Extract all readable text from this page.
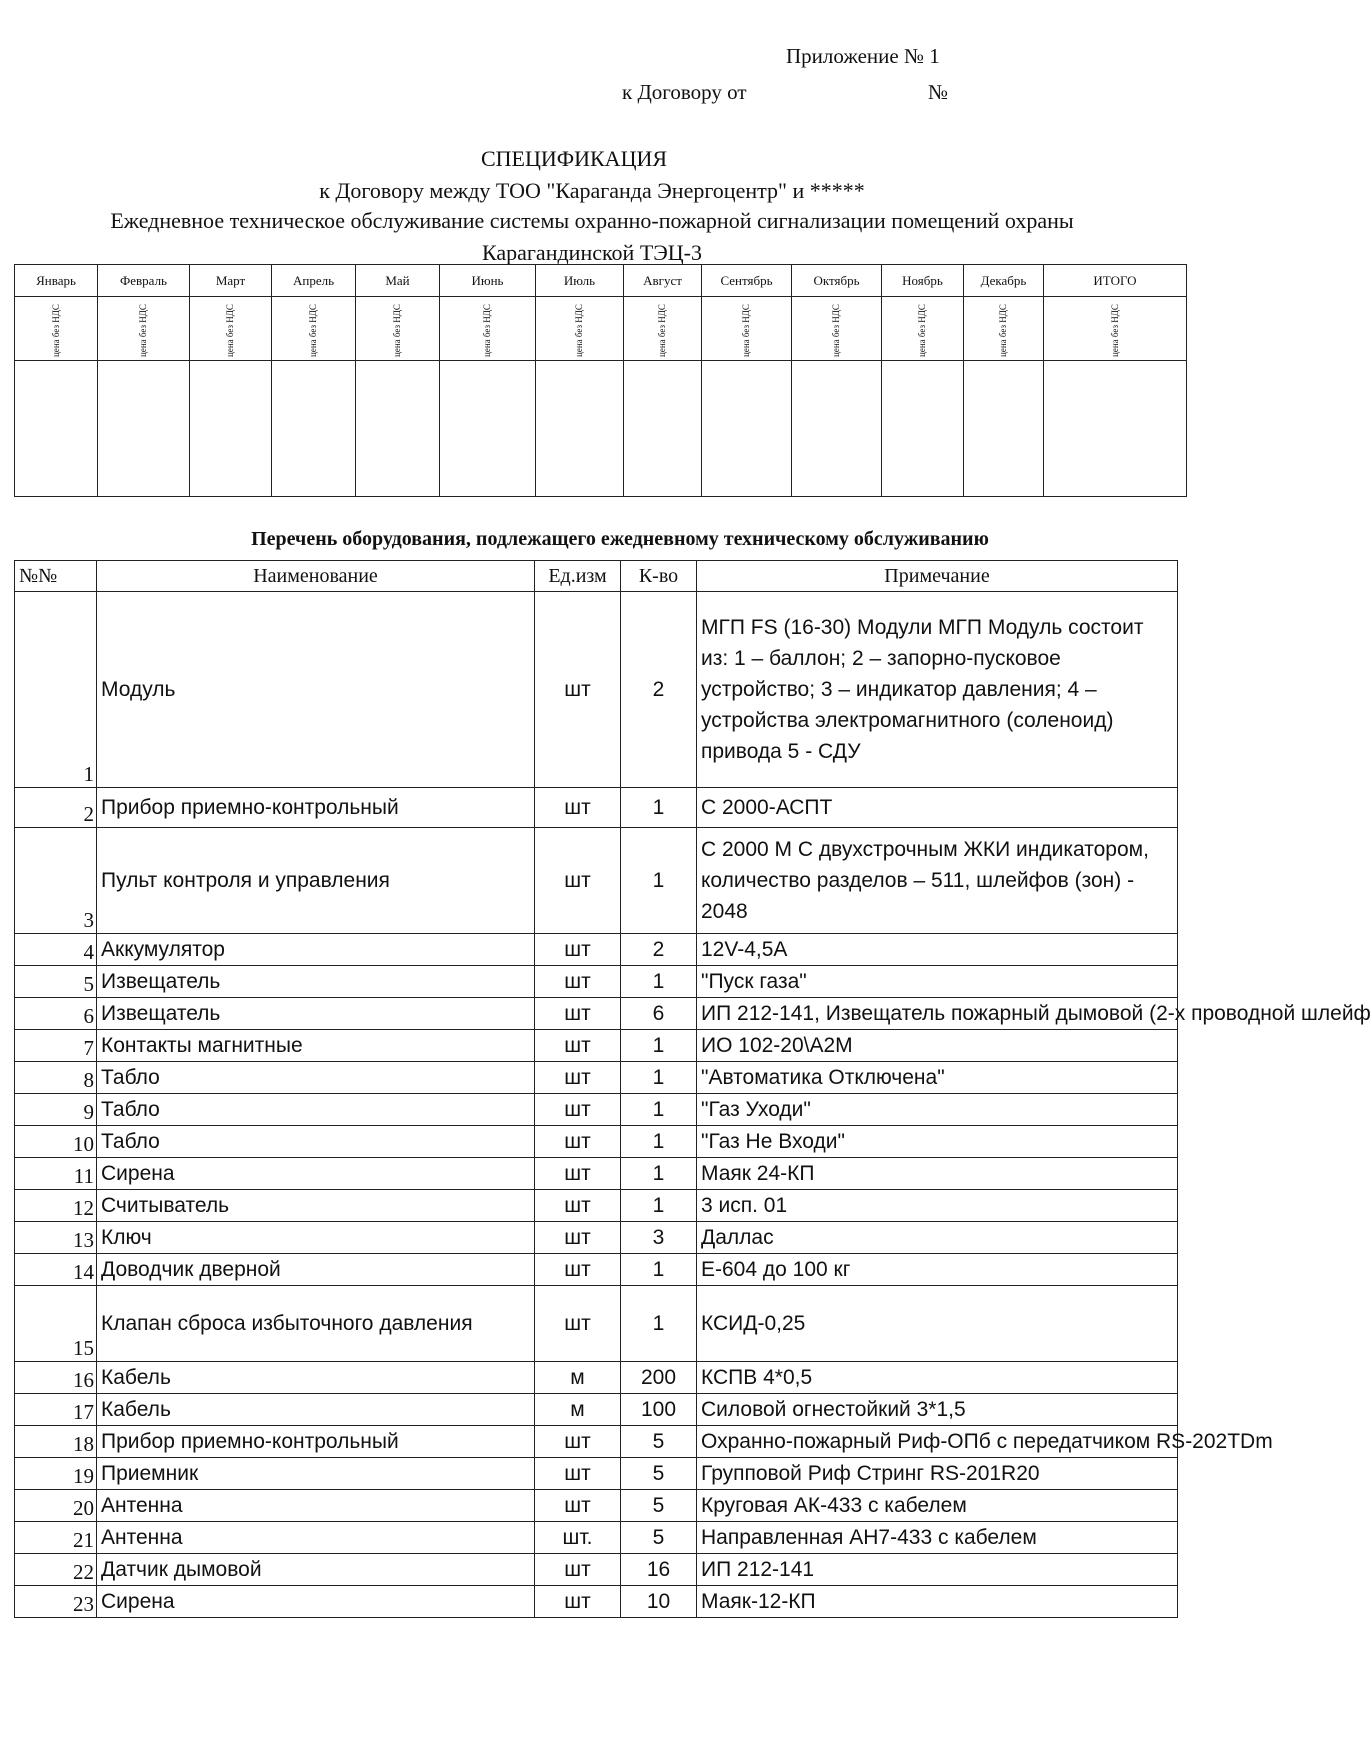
Приложение № 1
к Договору от	№
СПЕЦИФИКАЦИЯ
к Договору между ТОО "Караганда Энергоцентр" и *****
Ежедневное техническое обслуживание системы охранно-пожарной сигнализации помещений охраны
Карагандинской ТЭЦ-3
Январь	Февраль	Март	Апрель	Май	Июнь	Июль	Август	Сентябрь	Октябрь	Ноябрь	Декабрь	ИТОГО
цена без НДС	цена без НДС	цена без НДС	цена без НДС	цена без НДС	цена без НДС	цена без НДС	цена без НДС	цена без НДС	цена без НДС	цена без НДС	цена без НДС	цена без НДС

Перечень оборудования, подлежащего ежедневному техническому обслуживанию
№№	Наименование	Ед.изм	К-во	Примечание
1	Модуль	шт	2	МГП FS (16-30) Модули МГП Модуль состоит из: 1 – баллон; 2 – запорно-пусковое устройство; 3 – индикатор давления; 4 – устройства электромагнитного (соленоид) привода 5 - СДУ
2	Прибор приемно-контрольный	шт	1	С 2000-АСПТ
3	Пульт контроля и управления	шт	1	С 2000 М С двухстрочным ЖКИ индикатором, количество разделов – 511, шлейфов (зон) - 2048
4	Аккумулятор	шт	2	12V-4,5А

5	Извещатель	шт	1	"Пуск газа"

6	Извещатель	шт	6	ИП 212-141, Извещатель пожарный дымовой (2-х проводной шлейф

7	Контакты магнитные	шт	1	ИО 102-20\А2М

8	Табло	шт	1	"Автоматика Отключена"

9	Табло	шт	1	"Газ Уходи"

10	Табло	шт	1	"Газ Не Входи"

11	Сирена	шт	1	Маяк 24-КП

12	Считыватель	шт	1	3 исп. 01

13	Ключ	шт	3	Даллас

14	Доводчик дверной	шт	1	Е-604 до 100 кг

15	Клапан сброса избыточного давления	шт	1	КСИД-0,25
16	Кабель	м	200	КСПВ 4*0,5

17	Кабель	м	100	Силовой огнестойкий 3*1,5

18	Прибор приемно-контрольный	шт	5	Охранно-пожарный Риф-ОПб с передатчиком RS-202TDm

19	Приемник	шт	5	Групповой Риф Стринг RS-201R20

20	Антенна	шт	5	Круговая АК-433 с кабелем

21	Антенна	шт.	5	Направленная АН7-433 с кабелем

22	Датчик дымовой	шт	16	ИП 212-141

23	Сирена	шт	10	Маяк-12-КП
